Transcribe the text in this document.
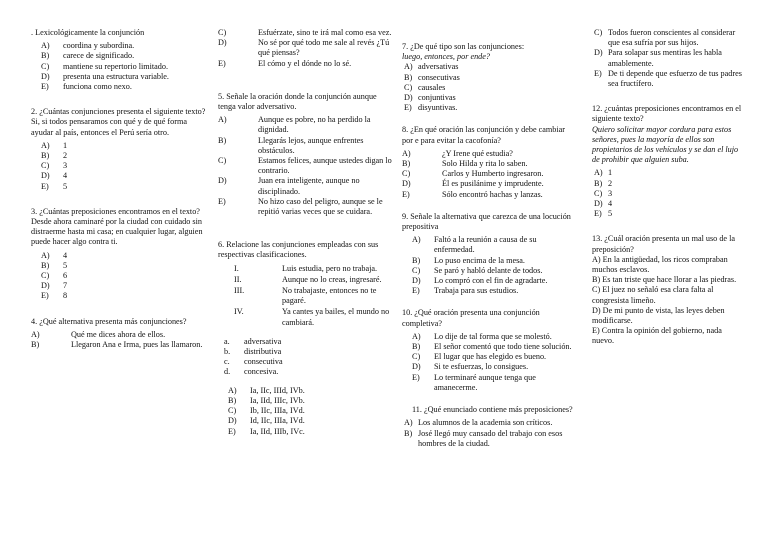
. Lexicológicamente la conjunción

A)	coordina y subordina.
B)	carece de significado.
C)	mantiene su repertorio limitado.
D)	presenta una estructura variable.
E)	funciona como nexo.

2. ¿Cuántas conjunciones presenta el siguiente texto?

Si, si todos pensaramos con qué y de qué forma ayudar al país, entonces el Perú sería otro.

A)	1
B)	2
C)	3
D)	4
E)	5

3. ¿Cuántas preposiciones encontramos en el texto?

Desde ahora caminaré por la ciudad con cuidado sin distraerme hasta mi casa; en cualquier lugar, alguien puede hacer algo contra ti.

A)	4
B)	5
C)	6
D)	7
E)	8

4. ¿Qué alternativa presenta más conjunciones?

A)	Qué me dices ahora de ellos.
B)	Llegaron Ana e Irma, pues las llamaron.
C)	Esfuérzate, sino te irá mal como esa vez.
D)	No sé por qué todo me sale al revés ¿Tú qué piensas?
E)	El cómo y el dónde no lo sé.

5. Señale la oración donde la conjunción aunque tenga valor adversativo.

A)	Aunque es pobre, no ha perdido la dignidad.
B)	Llegarás lejos, aunque enfrentes obstáculos.
C)	Estamos felices, aunque ustedes digan lo contrario.
D)	Juan era inteligente, aunque no disciplinado.
E)	No hizo caso del peligro, aunque se le repitió varias veces que se cuidara.

6. Relacione las conjunciones empleadas con sus respectivas clasificaciones.

I.	Luis estudia, pero no trabaja.
II.	Aunque no lo creas, ingresaré.
III.	No trabajaste, entonces no te pagaré.
IV.	Ya cantes ya bailes, el mundo no cambiará.
a.	adversativa
b.	distributiva
c.	consecutiva
d.	concesiva.
A)	Ia, IIc, IIId, IVb.
B)	Ia, IId, IIIc, IVb.
C)	Ib, IIc, IIIa, IVd.
D)	Id, IIc, IIIa, IVd.
E)	Ia, IId, IIIb, IVc.

7. ¿De qué tipo son las conjunciones:

luego, entonces, por ende?

A) adversativas
B) consecutivas
C) causales
D) conjuntivas
E) disyuntivas.

8. ¿En qué oración las conjunción y debe cambiar por e para evitar la cacofonía?

A)	¿Y Irene qué estudia?
B)	Solo Hilda y rita lo saben.
C)	Carlos y Humberto ingresaron.
D)	Él es pusilánime y imprudente.
E)	Sólo encontró hachas y lanzas.

9. Señale la alternativa que carezca de una locución prepositiva

A)	Faltó a la reunión a causa de su enfermedad.
B)	Lo puso encima de la mesa.
C)	Se paró y habló delante de todos.
D)	Lo compró con el fin de agradarte.
E)	Trabaja para sus estudios.

10. ¿Qué oración presenta una conjunción completiva?

A)	Lo dije de tal forma que se molestó.
B)	El señor comentó que todo tiene solución.
C)	El lugar que has elegido es bueno.
D)	Si te esfuerzas, lo consigues.
E)	Lo terminaré aunque tenga que amanecerme.

11. ¿Qué enunciado contiene más preposiciones?

A) Los alumnos de la academia son críticos.
B) José llegó muy cansado del trabajo con esos hombres de la ciudad.
C) Todos fueron conscientes al considerar que esa sufría por sus hijos.
D) Para solapar sus mentiras les habla amablemente.
E) De ti depende que esfuerzo de tus padres sea fructífero.

12. ¿cuántas preposiciones encontramos en el siguiente texto?

Quiero solicitar mayor cordura para estos señores, pues la mayoría de ellos son propietarios de los vehículos y se dan el lujo de prohibir que alguien suba.

A) 1
B) 2
C) 3
D) 4
E) 5

13. ¿Cuál oración presenta un mal uso de la preposición?

A) En la antigüedad, los ricos compraban muchos esclavos.

B) Es tan triste que hace llorar a las piedras.

C) El juez no señaló esa clara falta al congresista limeño.

D) De mi punto de vista, las leyes deben modificarse.

E) Contra la opinión del gobierno, nada nuevo.
